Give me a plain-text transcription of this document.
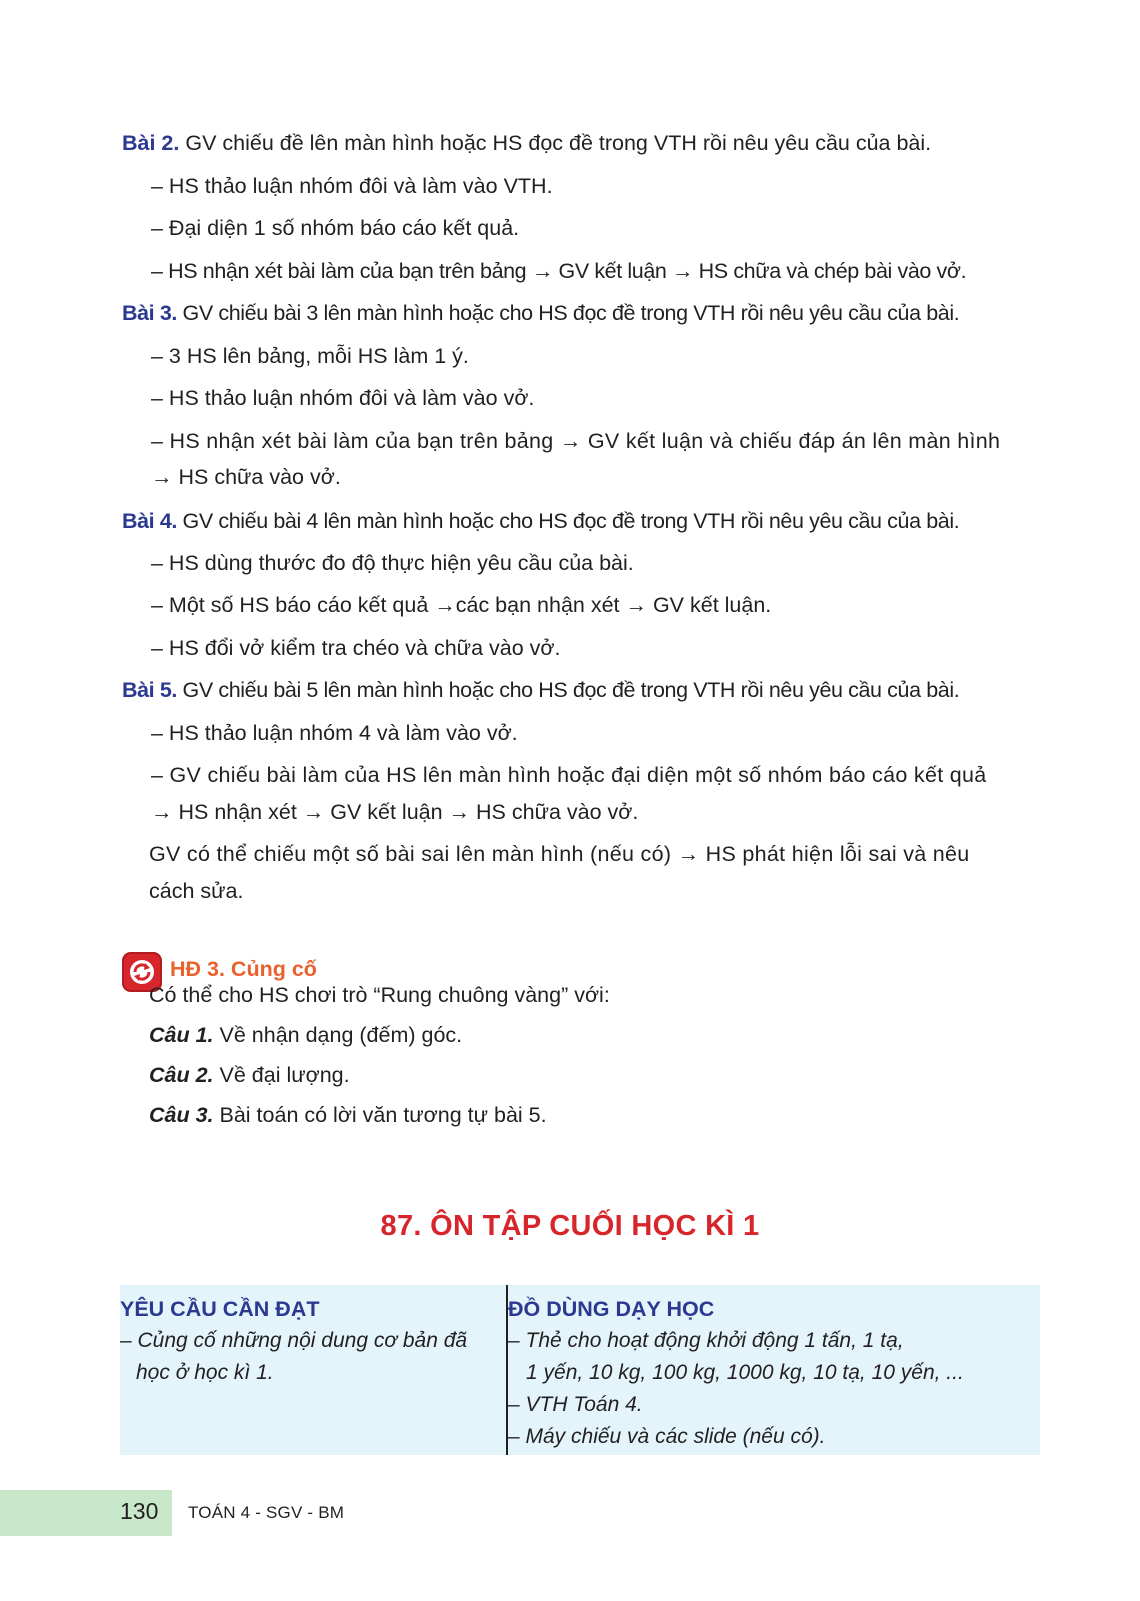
Bài 2. GV chiếu đề lên màn hình hoặc HS đọc đề trong VTH rồi nêu yêu cầu của bài.
– HS thảo luận nhóm đôi và làm vào VTH.
– Đại diện 1 số nhóm báo cáo kết quả.
– HS nhận xét bài làm của bạn trên bảng → GV kết luận → HS chữa và chép bài vào vở.
Bài 3. GV chiếu bài 3 lên màn hình hoặc cho HS đọc đề trong VTH rồi nêu yêu cầu của bài.
– 3 HS lên bảng, mỗi HS làm 1 ý.
– HS thảo luận nhóm đôi và làm vào vở.
– HS nhận xét bài làm của bạn trên bảng → GV kết luận và chiếu đáp án lên màn hình
→ HS chữa vào vở.
Bài 4. GV chiếu bài 4 lên màn hình hoặc cho HS đọc đề trong VTH rồi nêu yêu cầu của bài.
– HS dùng thước đo độ thực hiện yêu cầu của bài.
– Một số HS báo cáo kết quả →các bạn nhận xét → GV kết luận.
– HS đổi vở kiểm tra chéo và chữa vào vở.
Bài 5. GV chiếu bài 5 lên màn hình hoặc cho HS đọc đề trong VTH rồi nêu yêu cầu của bài.
– HS thảo luận nhóm 4 và làm vào vở.
– GV chiếu bài làm của HS lên màn hình hoặc đại diện một số nhóm báo cáo kết quả
→ HS nhận xét → GV kết luận → HS chữa vào vở.
GV có thể chiếu một số bài sai lên màn hình (nếu có) → HS phát hiện lỗi sai và nêu
cách sửa.
HĐ 3. Củng cố
Có thể cho HS chơi trò “Rung chuông vàng” với:
Câu 1. Về nhận dạng (đếm) góc.
Câu 2. Về đại lượng.
Câu 3. Bài toán có lời văn tương tự bài 5.
87. ÔN TẬP CUỐI HỌC KÌ 1
YÊU CẦU CẦN ĐẠT
– Củng cố những nội dung cơ bản đã
học ở học kì 1.
ĐỒ DÙNG DẠY HỌC
– Thẻ cho hoạt động khởi động 1 tấn, 1 tạ,
1 yến, 10 kg, 100 kg, 1000 kg, 10 tạ, 10 yến, ...
– VTH Toán 4.
– Máy chiếu và các slide (nếu có).
130 TOÁN 4 - SGV - BM
